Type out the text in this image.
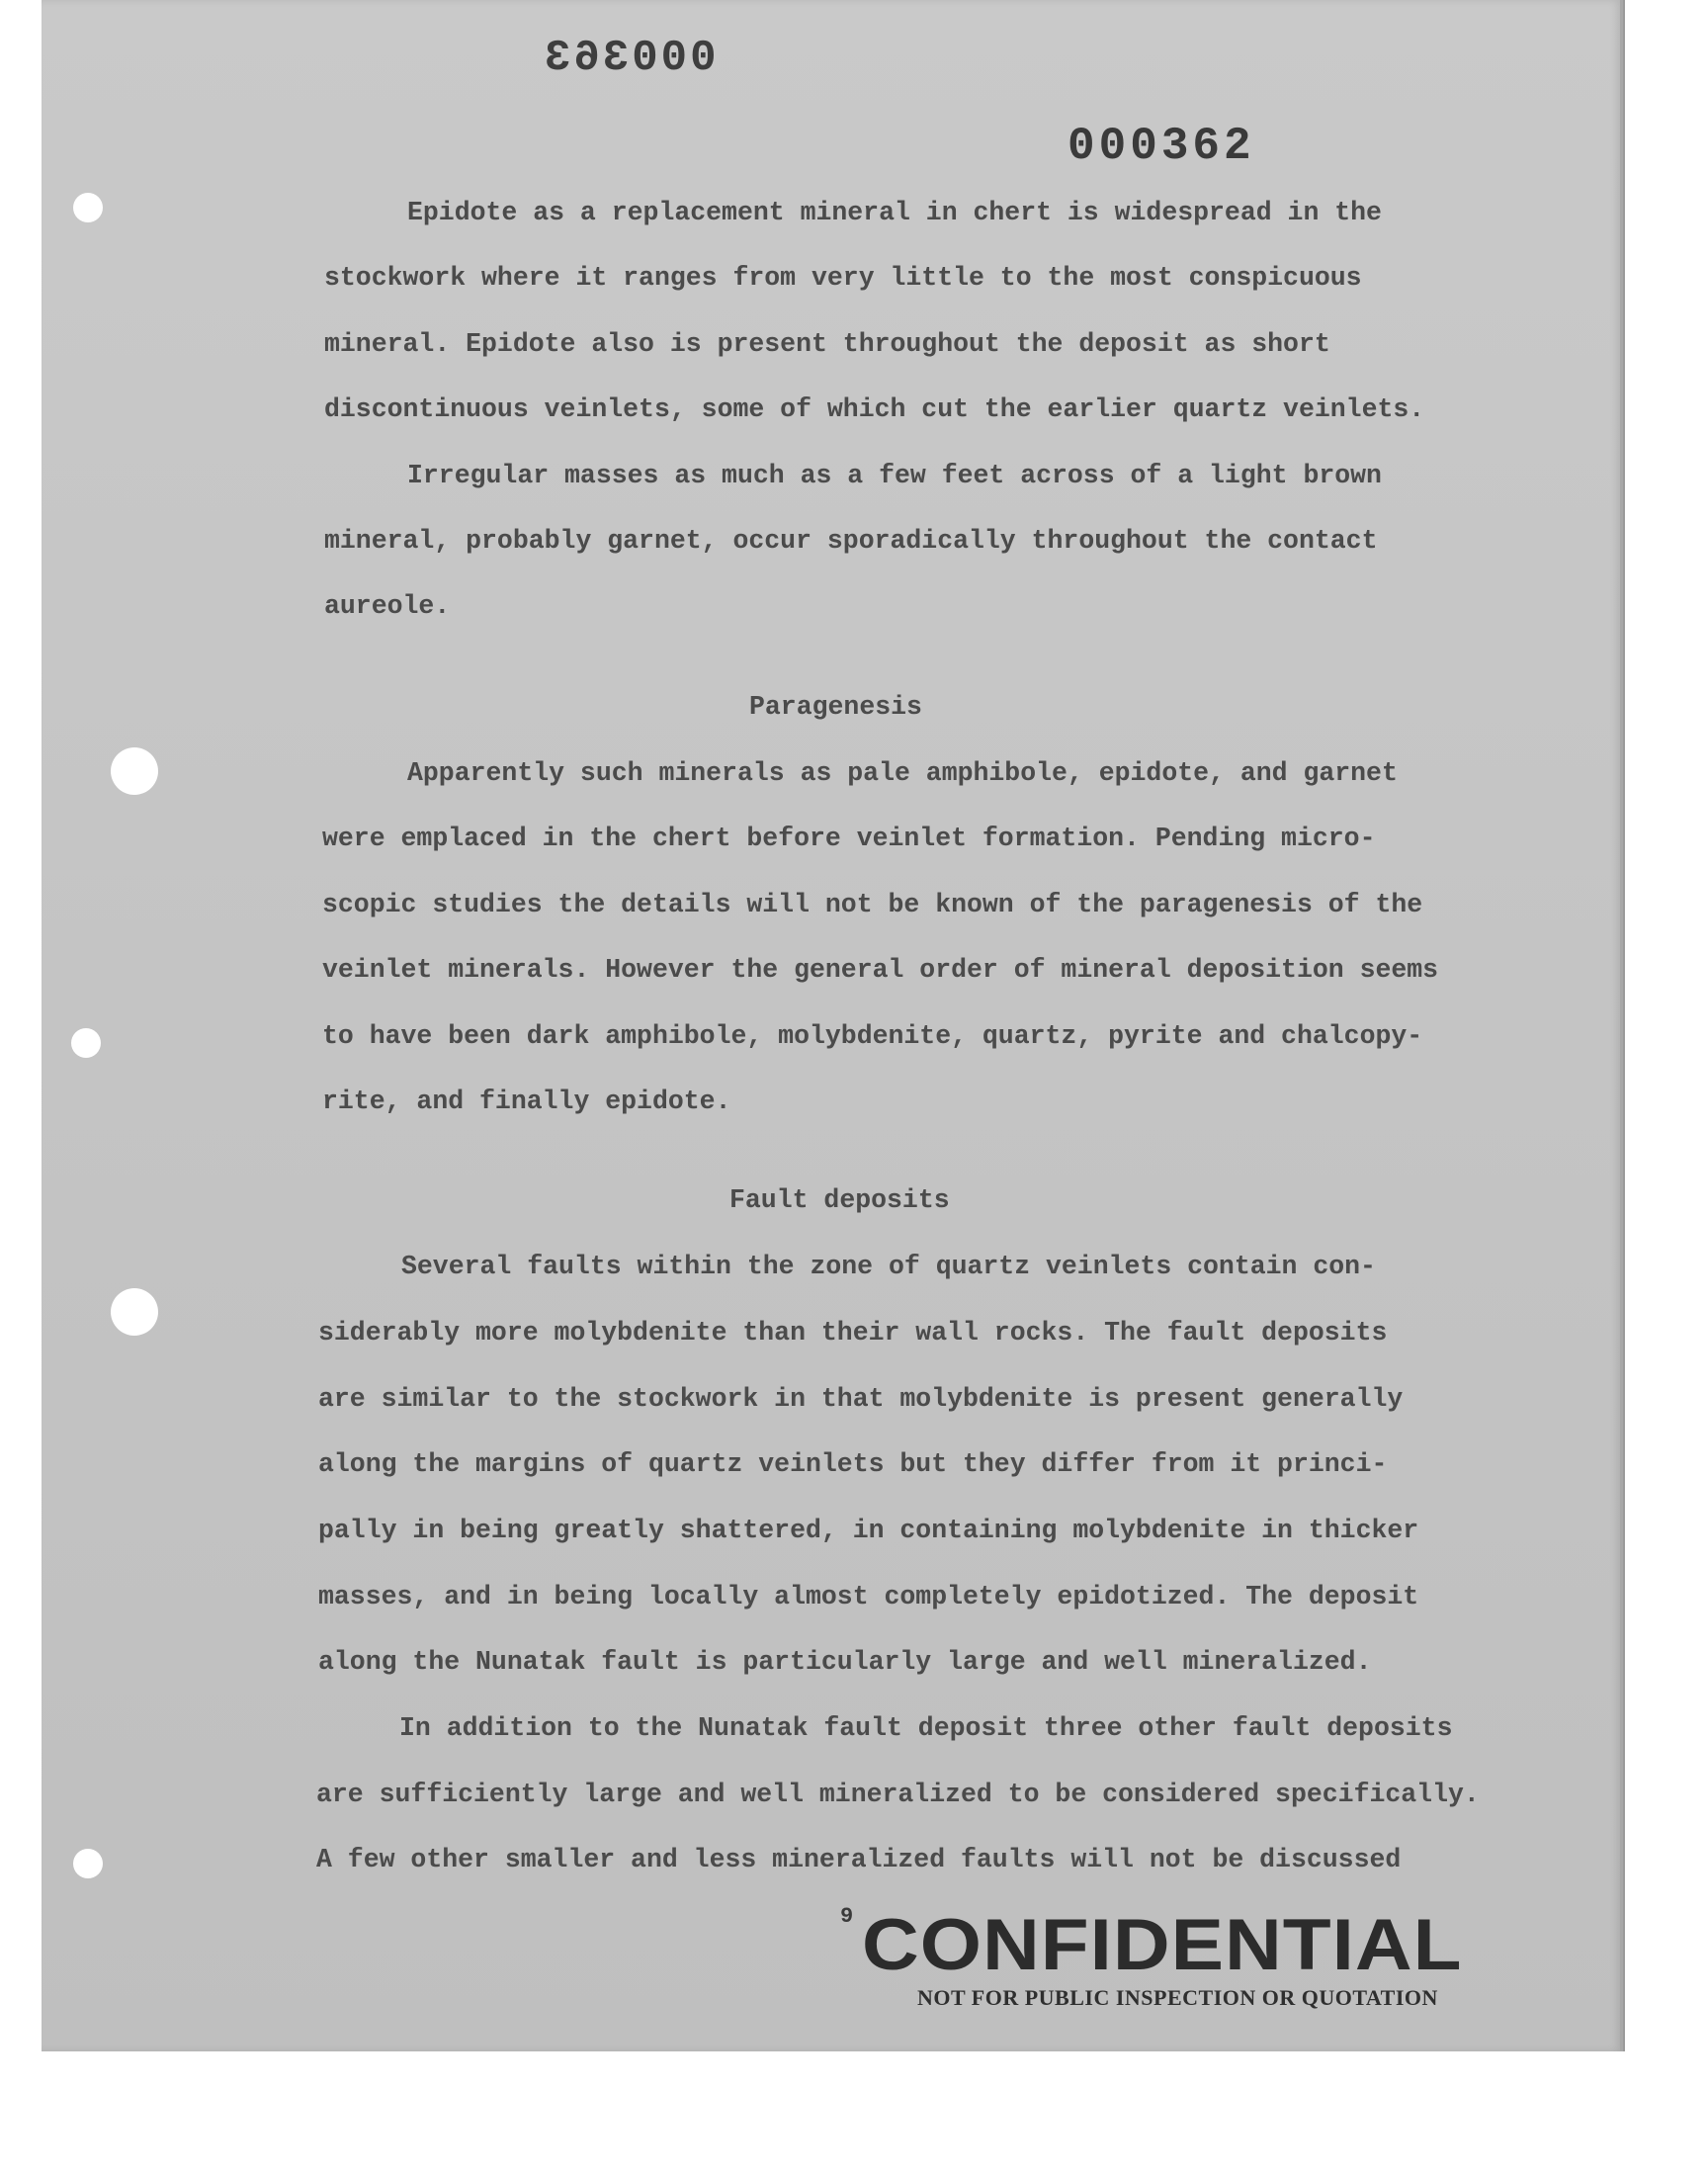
000363
000362
Epidote as a replacement mineral in chert is widespread in the
stockwork where it ranges from very little to the most conspicuous
mineral. Epidote also is present throughout the deposit as short
discontinuous veinlets, some of which cut the earlier quartz veinlets.
Irregular masses as much as a few feet across of a light brown
mineral, probably garnet, occur sporadically throughout the contact
aureole.
Paragenesis
Apparently such minerals as pale amphibole, epidote, and garnet
were emplaced in the chert before veinlet formation. Pending micro-
scopic studies the details will not be known of the paragenesis of the
veinlet minerals. However the general order of mineral deposition seems
to have been dark amphibole, molybdenite, quartz, pyrite and chalcopy-
rite, and finally epidote.
Fault deposits
Several faults within the zone of quartz veinlets contain con-
siderably more molybdenite than their wall rocks. The fault deposits
are similar to the stockwork in that molybdenite is present generally
along the margins of quartz veinlets but they differ from it princi-
pally in being greatly shattered, in containing molybdenite in thicker
masses, and in being locally almost completely epidotized. The deposit
along the Nunatak fault is particularly large and well mineralized.
In addition to the Nunatak fault deposit three other fault deposits
are sufficiently large and well mineralized to be considered specifically.
A few other smaller and less mineralized faults will not be discussed
9 CONFIDENTIAL
NOT FOR PUBLIC INSPECTION OR QUOTATION
